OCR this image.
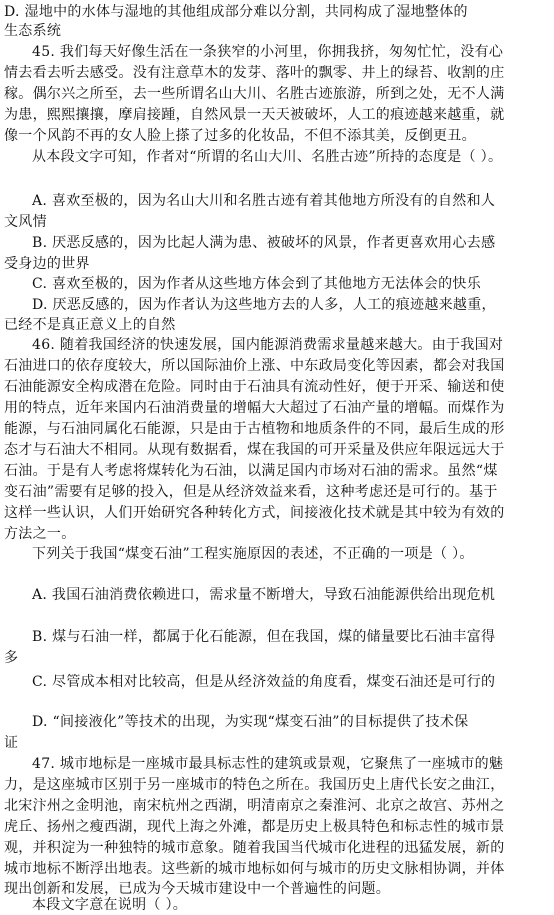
D. 湿地中的水体与湿地的其他组成部分难以分割，共同构成了湿地整体的
生态系统
45. 我们每天好像生活在一条狭窄的小河里，你拥我挤，匆匆忙忙，没有心
情去看去听去感受。没有注意草木的发芽、落叶的飘零、井上的绿苔、收割的庄
稼。偶尔兴之所至，去一些所谓名山大川、名胜古迹旅游，所到之处，无不人满
为患，熙熙攘攘，摩肩接踵，自然风景一天天被破坏，人工的痕迹越来越重，就
像一个风韵不再的女人脸上搽了过多的化妆品，不但不添其美，反倒更丑。
从本段文字可知，作者对“所谓的名山大川、名胜古迹”所持的态度是（ ）。
A. 喜欢至极的，因为名山大川和名胜古迹有着其他地方所没有的自然和人
文风情
B. 厌恶反感的，因为比起人满为患、被破坏的风景，作者更喜欢用心去感
受身边的世界
C. 喜欢至极的，因为作者从这些地方体会到了其他地方无法体会的快乐
D. 厌恶反感的，因为作者认为这些地方去的人多，人工的痕迹越来越重，
已经不是真正意义上的自然
46. 随着我国经济的快速发展，国内能源消费需求量越来越大。由于我国对
石油进口的依存度较大，所以国际油价上涨、中东政局变化等因素，都会对我国
石油能源安全构成潜在危险。同时由于石油具有流动性好，便于开采、输送和使
用的特点，近年来国内石油消费量的增幅大大超过了石油产量的增幅。而煤作为
能源，与石油同属化石能源，只是由于古植物和地质条件的不同，最后生成的形
态才与石油大不相同。从现有数据看，煤在我国的可开采量及供应年限远远大于
石油。于是有人考虑将煤转化为石油，以满足国内市场对石油的需求。虽然“煤
变石油”需要有足够的投入，但是从经济效益来看，这种考虑还是可行的。基于
这样一些认识，人们开始研究各种转化方式，间接液化技术就是其中较为有效的
方法之一。
下列关于我国“煤变石油”工程实施原因的表述，不正确的一项是（ ）。
A. 我国石油消费依赖进口，需求量不断增大，导致石油能源供给出现危机
B. 煤与石油一样，都属于化石能源，但在我国，煤的储量要比石油丰富得
多
C. 尽管成本相对比较高，但是从经济效益的角度看，煤变石油还是可行的
D. “间接液化”等技术的出现，为实现“煤变石油”的目标提供了技术保
证
47. 城市地标是一座城市最具标志性的建筑或景观，它聚焦了一座城市的魅
力，是这座城市区别于另一座城市的特色之所在。我国历史上唐代长安之曲江，
北宋汴州之金明池，南宋杭州之西湖，明清南京之秦淮河、北京之故宫、苏州之
虎丘、扬州之瘦西湖，现代上海之外滩，都是历史上极具特色和标志性的城市景
观，并积淀为一种独特的城市意象。随着我国当代城市化进程的迅猛发展，新的
城市地标不断浮出地表。这些新的城市地标如何与城市的历史文脉相协调，并体
现出创新和发展，已成为今天城市建设中一个普遍性的问题。
本段文字意在说明（ ）。
